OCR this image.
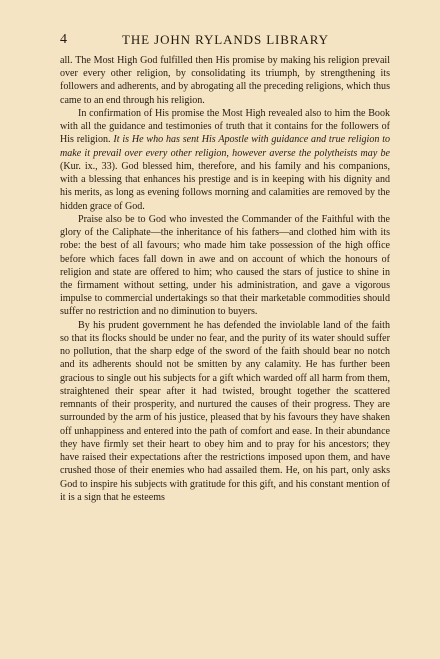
4	THE JOHN RYLANDS LIBRARY

all. The Most High God fulfilled then His promise by making his religion prevail over every other religion, by consolidating its triumph, by strengthening its followers and adherents, and by abrogating all the preceding religions, which thus came to an end through his religion.

In confirmation of His promise the Most High revealed also to him the Book with all the guidance and testimonies of truth that it contains for the followers of His religion. It is He who has sent His Apostle with guidance and true religion to make it prevail over every other religion, however averse the polytheists may be (Kur. ix., 33). God blessed him, therefore, and his family and his companions, with a blessing that enhances his prestige and is in keeping with his dignity and his merits, as long as evening follows morning and calamities are removed by the hidden grace of God.

Praise also be to God who invested the Commander of the Faithful with the glory of the Caliphate—the inheritance of his fathers—and clothed him with its robe: the best of all favours; who made him take possession of the high office before which faces fall down in awe and on account of which the honours of religion and state are offered to him; who caused the stars of justice to shine in the firmament without setting, under his administration, and gave a vigorous impulse to commercial undertakings so that their marketable commodities should suffer no restriction and no diminution to buyers.

By his prudent government he has defended the inviolable land of the faith so that its flocks should be under no fear, and the purity of its water should suffer no pollution, that the sharp edge of the sword of the faith should bear no notch and its adherents should not be smitten by any calamity. He has further been gracious to single out his subjects for a gift which warded off all harm from them, straightened their spear after it had twisted, brought together the scattered remnants of their prosperity, and nurtured the causes of their progress. They are surrounded by the arm of his justice, pleased that by his favours they have shaken off unhappiness and entered into the path of comfort and ease. In their abundance they have firmly set their heart to obey him and to pray for his ancestors; they have raised their expectations after the restrictions imposed upon them, and have crushed those of their enemies who had assailed them. He, on his part, only asks God to inspire his subjects with gratitude for this gift, and his constant mention of it is a sign that he esteems
